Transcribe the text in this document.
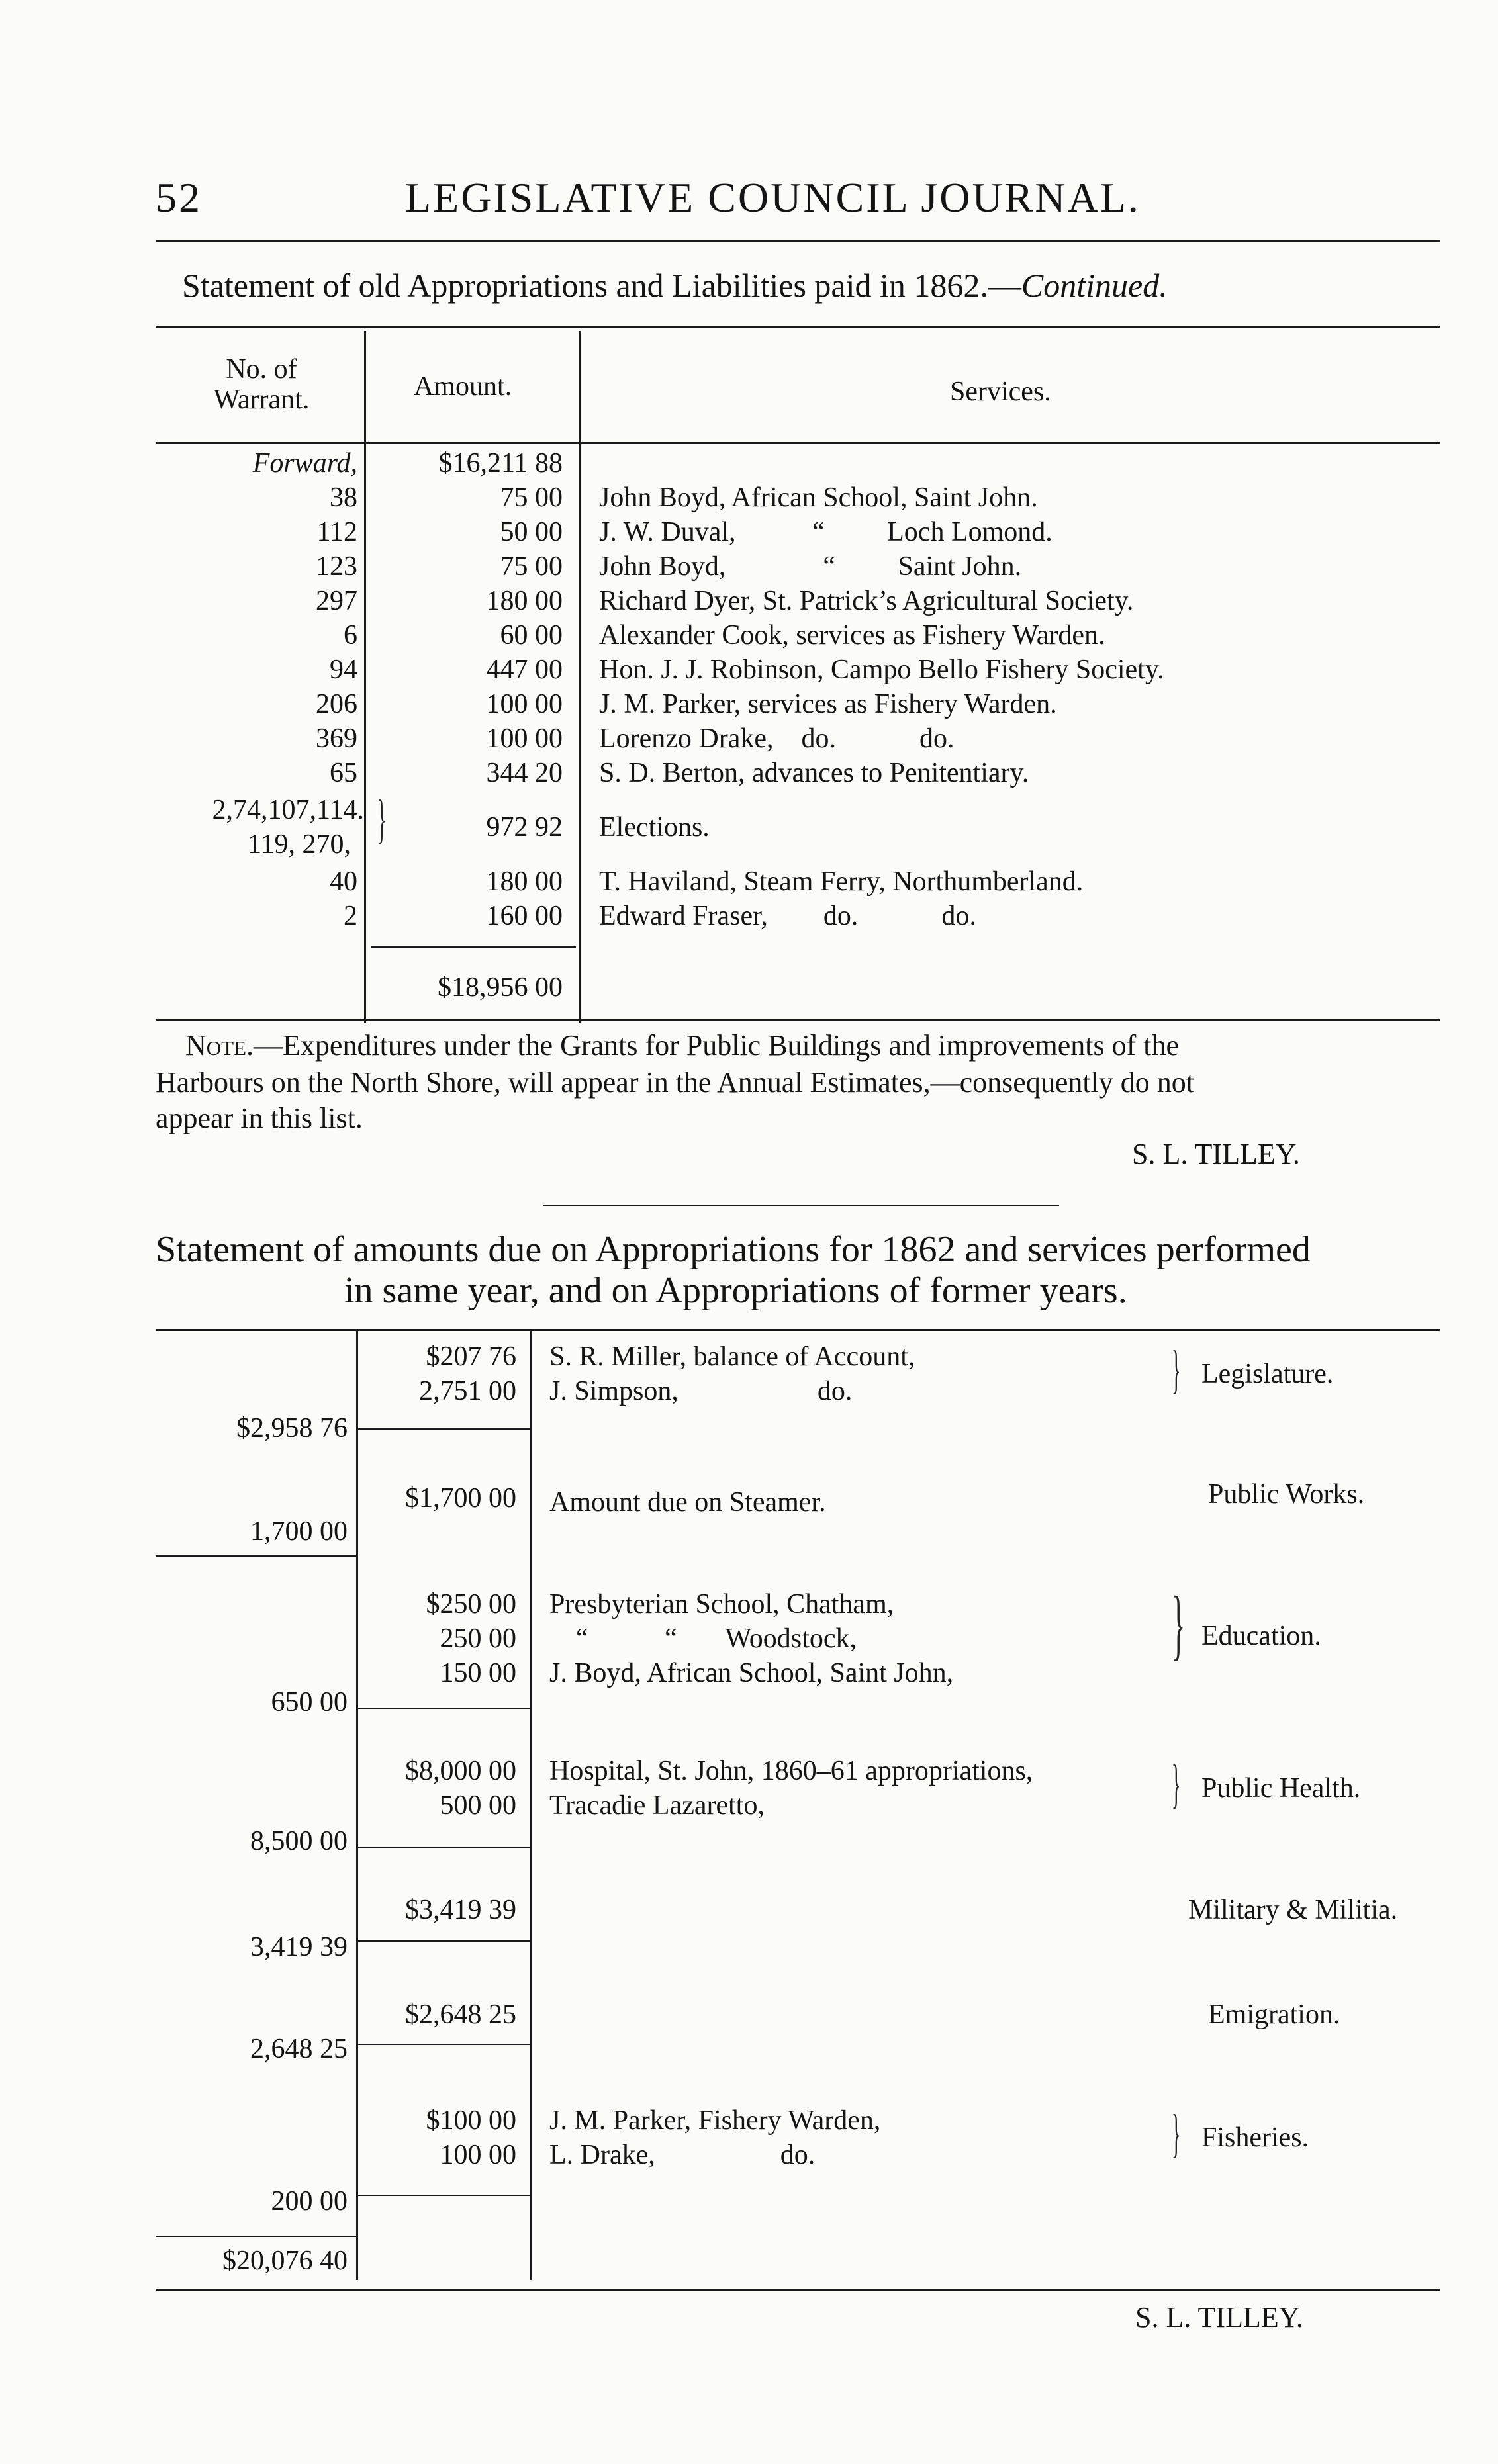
52	LEGISLATIVE COUNCIL JOURNAL.
Statement of old Appropriations and Liabilities paid in 1862.—Continued.
No. of
Warrant.	Amount.	Services.
Forward,	$16,211 88
38	75 00 John Boyd, African School, Saint John.
112	50 00 J. W. Duval,           “         Loch Lomond.
123	75 00 John Boyd,              “         Saint John.
297	180 00 Richard Dyer, St. Patrick’s Agricultural Society.
6	60 00 Alexander Cook, services as Fishery Warden.
94	447 00 Hon. J. J. Robinson, Campo Bello Fishery Society.
206	100 00 J. M. Parker, services as Fishery Warden.
369	100 00 Lorenzo Drake,    do.            do.
65	344 20 S. D. Berton, advances to Penitentiary.
2,74,107,114.
119, 270, }	972 92 Elections.
40	180 00 T. Haviland, Steam Ferry, Northumberland.
2	160 00 Edward Fraser,        do.            do.
$18,956 00
Note.—Expenditures under the Grants for Public Buildings and improvements of the
Harbours on the North Shore, will appear in the Annual Estimates,—consequently do not
appear in this list.
S. L. TILLEY.
Statement of amounts due on Appropriations for 1862 and services performed
in same year, and on Appropriations of former years.
$207 76 S. R. Miller, balance of Account,
2,751 00 J. Simpson,                    do.	} Legislature.
$2,958 76
$1,700 00 Amount due on Steamer.	Public Works.
1,700 00
$250 00 Presbyterian School, Chatham,
250 00 “           “       Woodstock,
150 00 J. Boyd, African School, Saint John,
} Education.
650 00
$8,000 00 Hospital, St. John, 1860–61 appropriations,
500 00 Tracadie Lazaretto,	} Public Health.
8,500 00
$3,419 39	Military & Militia.
3,419 39
$2,648 25	Emigration.
2,648 25
$100 00 J. M. Parker, Fishery Warden,
100 00 L. Drake,                  do.	} Fisheries.
200 00
$20,076 40
S. L. TILLEY.
